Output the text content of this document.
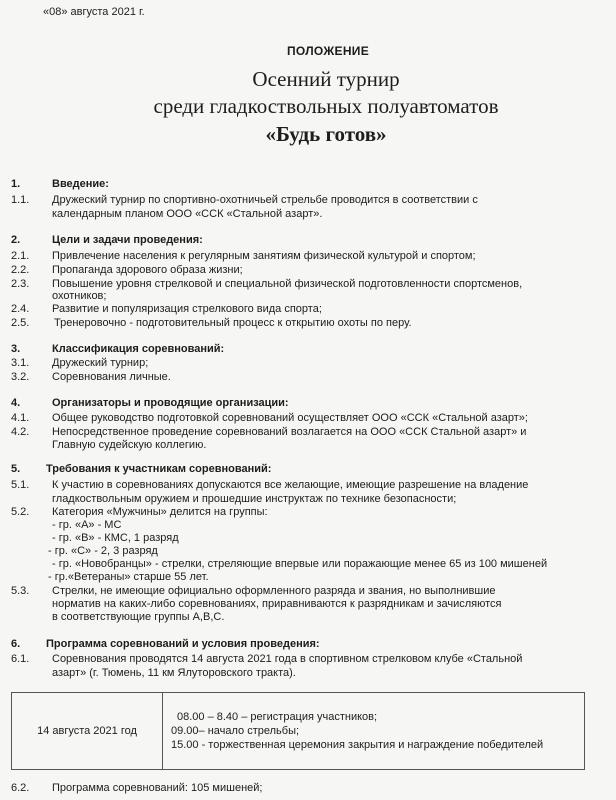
«08» августа 2021 г.
ПОЛОЖЕНИЕ
Осенний турнир
среди гладкоствольных полуавтоматов
«Будь готов»
1.	Введение:
1.1. Дружеский турнир по спортивно-охотничьей стрельбе проводится в соответствии с
календарным планом ООО «ССК «Стальной азарт».
2.	Цели и задачи проведения:
2.1. Привлечение населения к регулярным занятиям физической культурой и спортом;
2.2. Пропаганда здорового образа жизни;
2.3. Повышение уровня стрелковой и специальной физической подготовленности спортсменов,
охотников;
2.4. Развитие и популяризация стрелкового вида спорта;
2.5. Тренеровочно - подготовительный процесс к открытию охоты по перу.
3.	Классификация соревнований:
3.1. Дружеский турнир;
3.2. Соревнования личные.
4.	Организаторы и проводящие организации:
4.1. Общее руководство подготовкой соревнований осуществляет ООО «ССК «Стальной азарт»;
4.2. Непосредственное проведение соревнований возлагается на ООО «ССК Стальной азарт» и
Главную судейскую коллегию.
5. Требования к участникам соревнований:
5.1. К участию в соревнованиях допускаются все желающие, имеющие разрешение на владение
гладкоствольным оружием и прошедшие инструктаж по технике безопасности;
5.2. Категория «Мужчины» делится на группы:
- гр. «А» - МС
- гр. «В» - КМС, 1 разряд
- гр. «С» - 2, 3 разряд
- гр. «Новобранцы» - стрелки, стреляющие впервые или поражающие менее 65 из 100 мишеней
- гр.«Ветераны» старше 55 лет.
5.3. Стрелки, не имеющие официально оформленного разряда и звания, но выполнившие
норматив на каких-либо соревнованиях, приравниваются к разрядникам и зачисляются
в соответствующие группы А,В,С.
6. Программа соревнований и условия проведения:
6.1. Соревнования проводятся 14 августа 2021 года в спортивном стрелковом клубе «Стальной
азарт» (г. Тюмень, 11 км Ялуторовского тракта).
14 августа 2021 год	
08.00 – 8.40 – регистрация участников;
09.00– начало стрельбы;
15.00 - торжественная церемония закрытия и награждение победителей
6.2. Программа соревнований: 105 мишеней;
